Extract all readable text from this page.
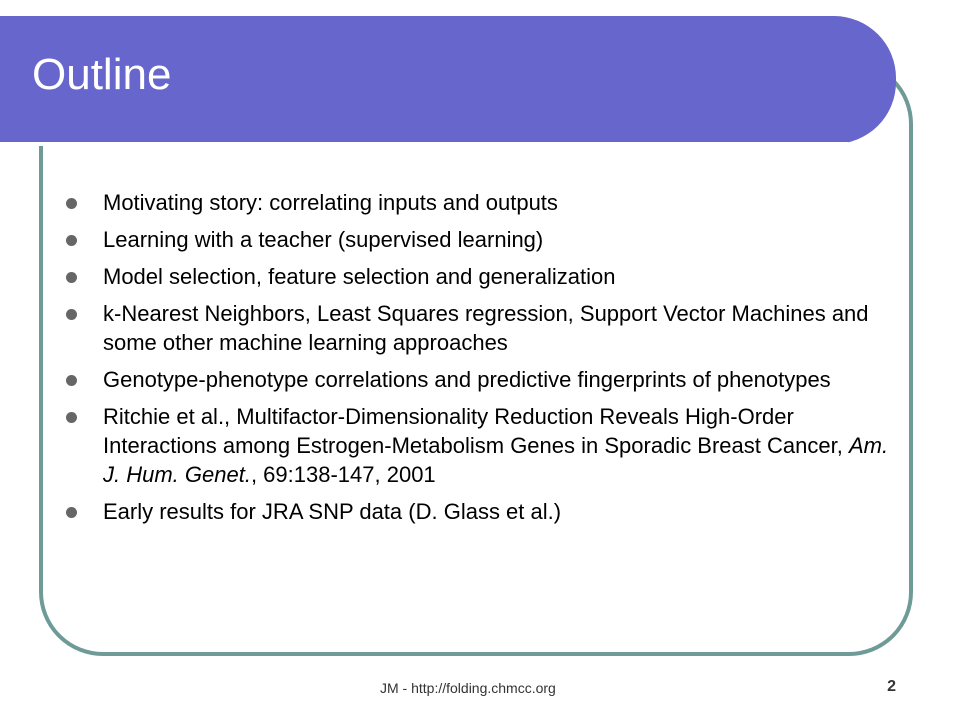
Outline
Motivating story: correlating inputs and outputs
Learning with a teacher (supervised learning)
Model selection, feature selection and generalization
k-Nearest Neighbors, Least Squares regression, Support Vector Machines and some other machine learning approaches
Genotype-phenotype correlations and predictive fingerprints of phenotypes
Ritchie et al., Multifactor-Dimensionality Reduction Reveals High-Order Interactions among Estrogen-Metabolism Genes in Sporadic Breast Cancer, Am. J. Hum. Genet., 69:138-147, 2001
Early results for JRA SNP data (D. Glass et al.)
JM - http://folding.chmcc.org	2
